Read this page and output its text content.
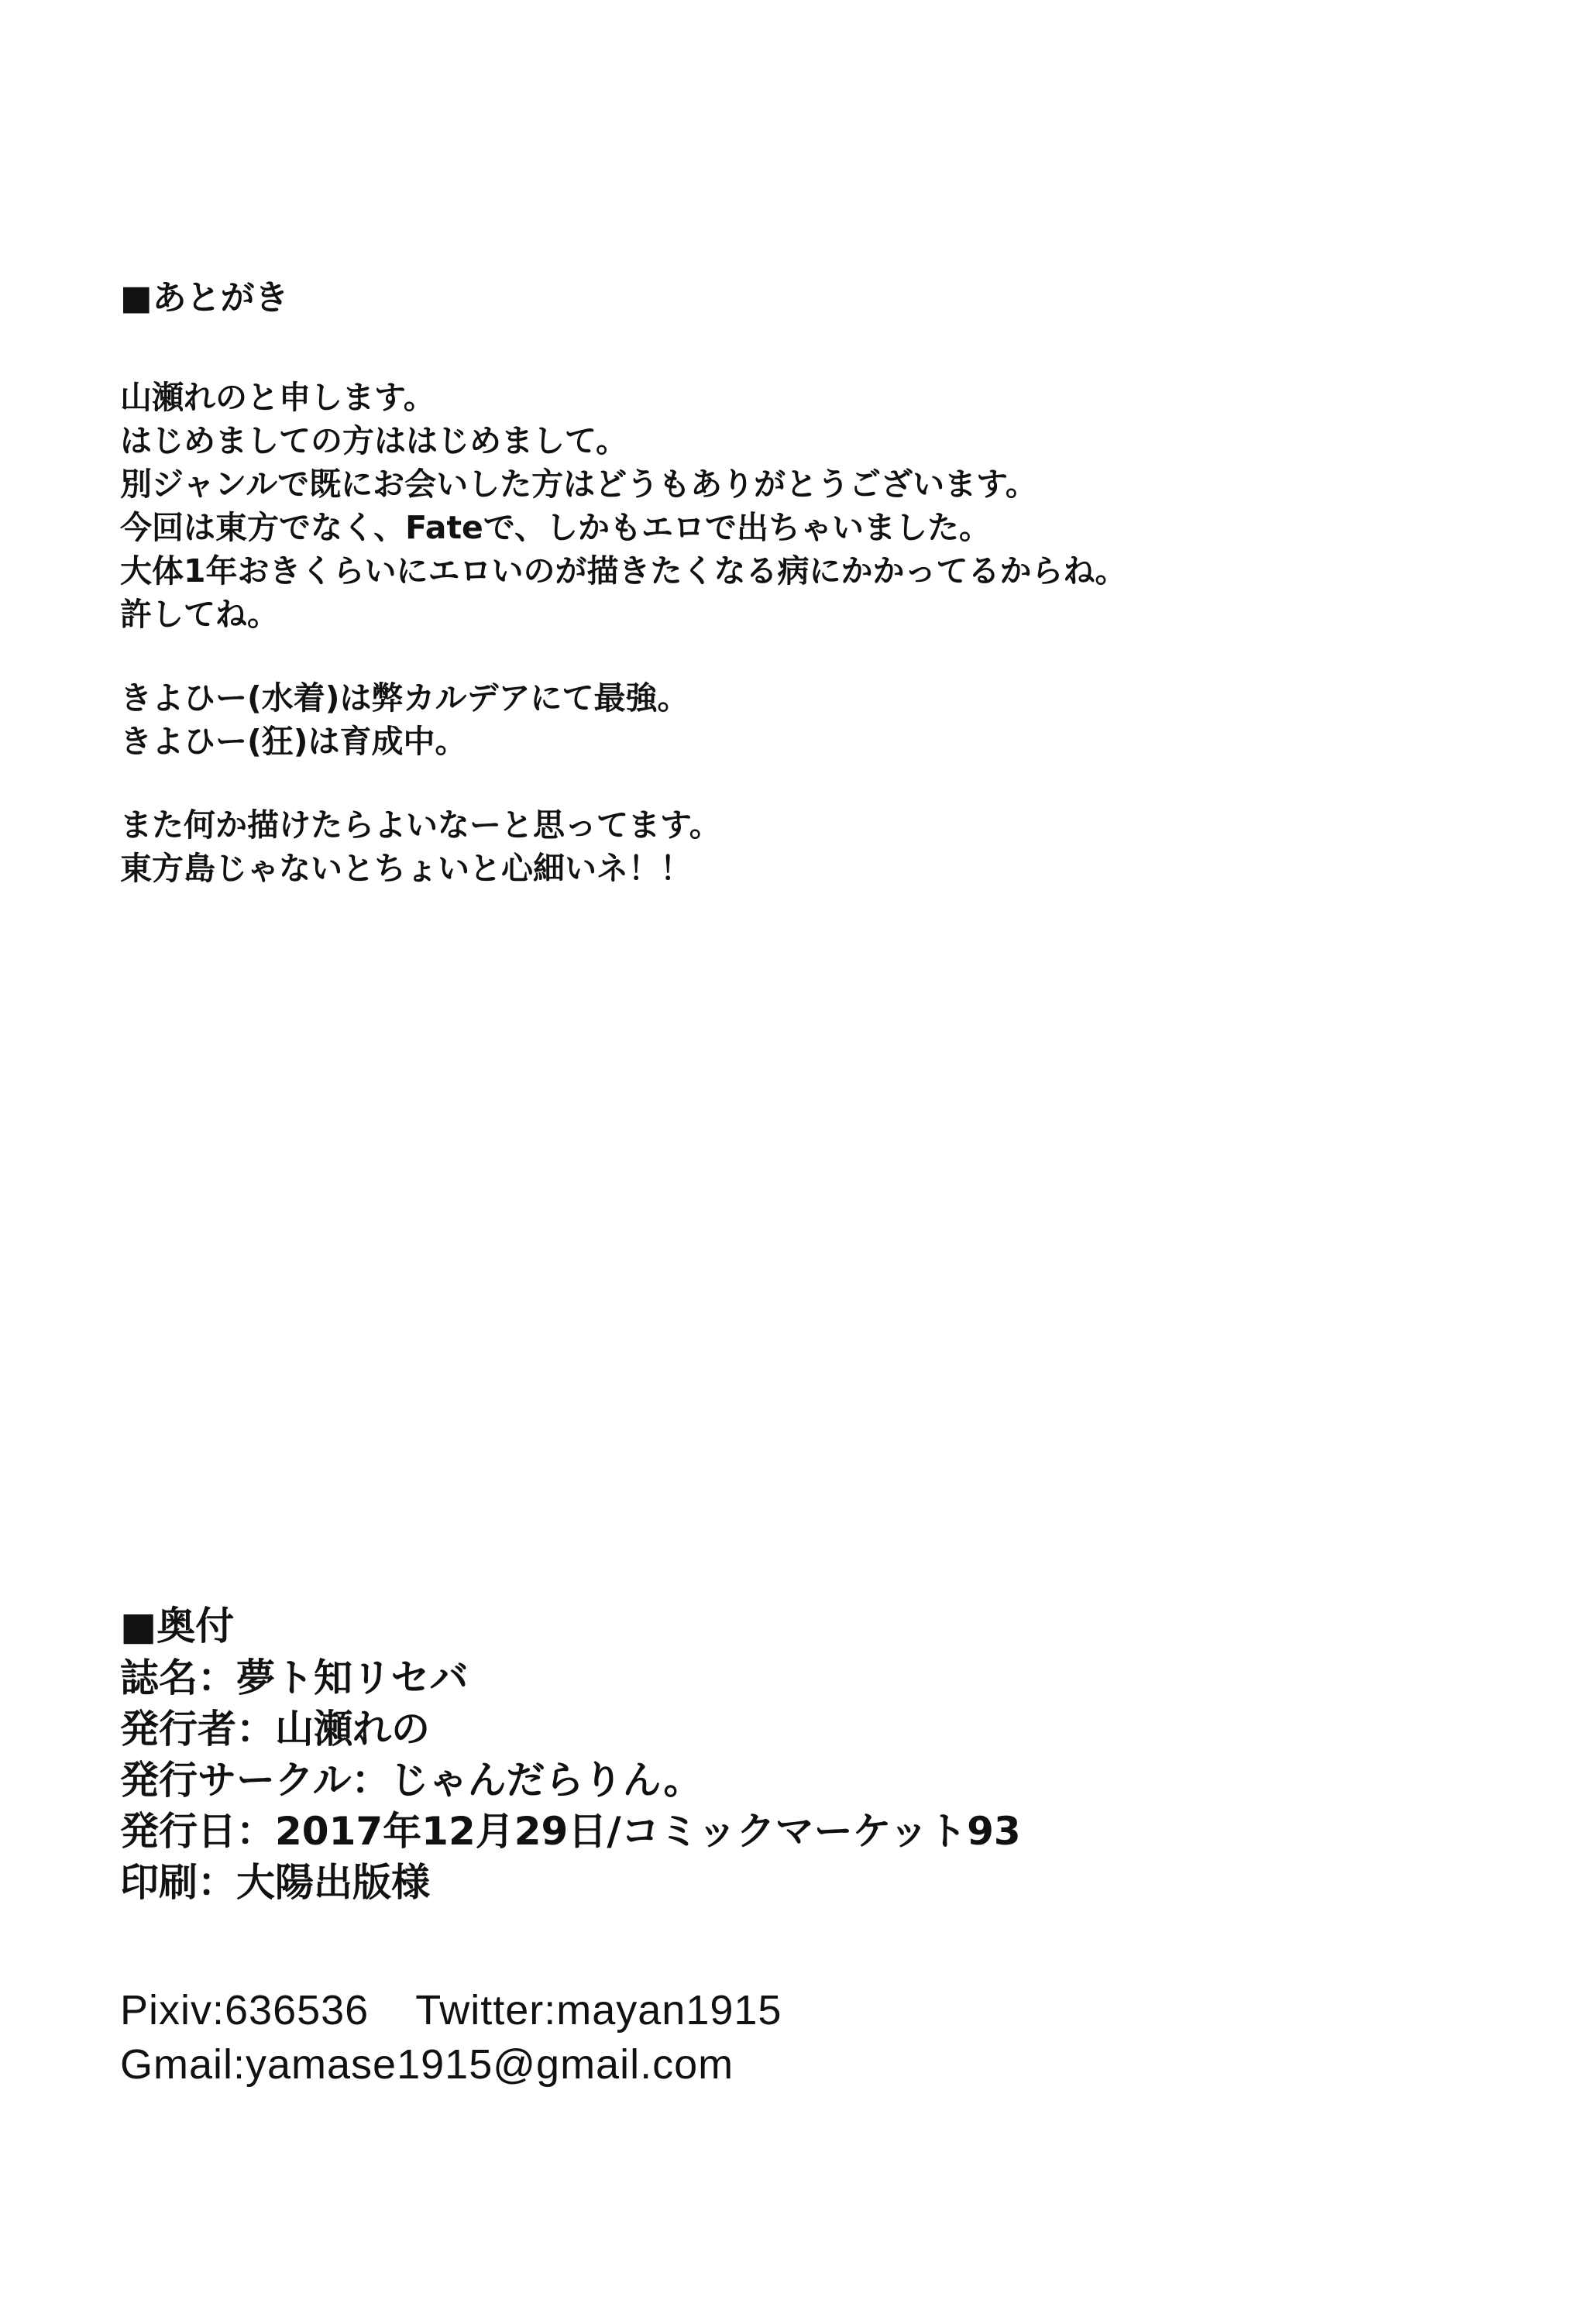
■あとがき
山瀬れのと申します。
はじめましての方ははじめまして。
別ジャンルで既にお会いした方はどうもありがとうございます。
今回は東方でなく、Fateで、しかもエロで出ちゃいました。
大体1年おきくらいにエロいのが描きたくなる病にかかってるからね。
許してね。
きよひー(水着)は弊カルデアにて最強。
きよひー(狂)は育成中。
また何か描けたらよいなーと思ってます。
東方島じゃないとちょいと心細いネ！！
■奥付
誌名：夢ト知リセバ
発行者：山瀬れの
発行サークル：じゃんだらりん。
発行日：2017年12月29日/コミックマーケット93
印刷：大陽出版様
Pixiv:636536 Twitter:mayan1915
Gmail:yamase1915@gmail.com
